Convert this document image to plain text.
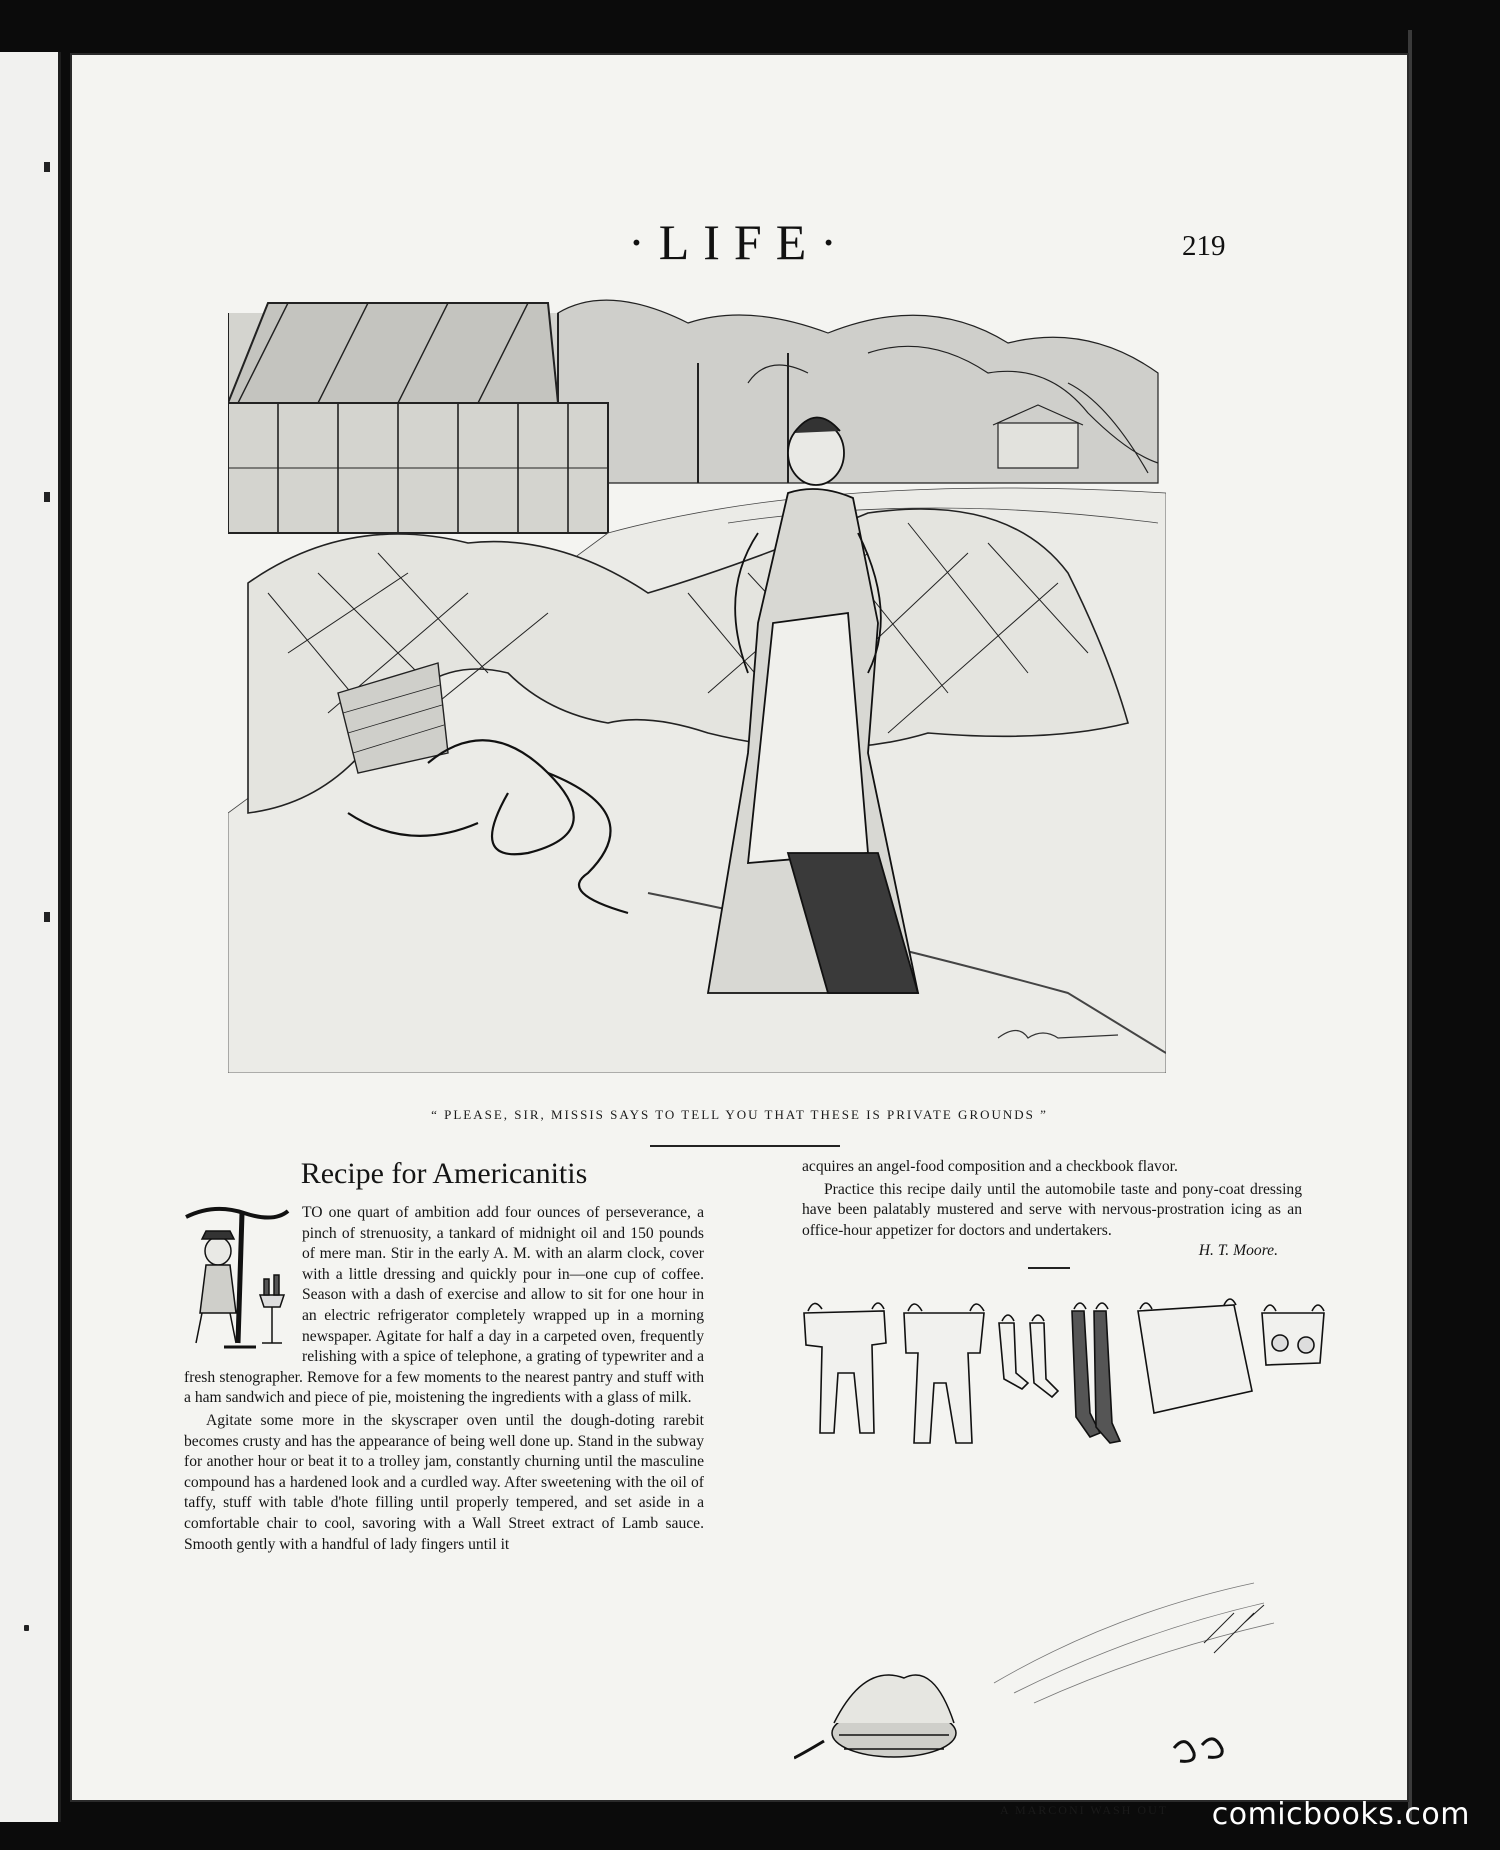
·LIFE·	219
“ PLEASE, SIR, MISSIS SAYS TO TELL YOU THAT THESE IS PRIVATE GROUNDS ”
Recipe for Americanitis

TO one quart of ambition add four ounces of perseverance, a pinch of strenuosity, a tankard of midnight oil and 150 pounds of mere man. Stir in the early A. M. with an alarm clock, cover with a little dressing and quickly pour in—one cup of coffee. Season with a dash of exercise and allow to sit for one hour in an electric refrigerator completely wrapped up in a morning newspaper. Agitate for half a day in a carpeted oven, frequently relishing with a spice of telephone, a grating of typewriter and a fresh stenographer. Remove for a few moments to the nearest pantry and stuff with a ham sandwich and piece of pie, moistening the ingredients with a glass of milk.

Agitate some more in the skyscraper oven until the dough-doting rarebit becomes crusty and has the appearance of being well done up. Stand in the subway for another hour or beat it to a trolley jam, constantly churning until the masculine compound has a hardened look and a curdled way. After sweetening with the oil of taffy, stuff with table d'hote filling until properly tempered, and set aside in a comfortable chair to cool, savoring with a Wall Street extract of Lamb sauce. Smooth gently with a handful of lady fingers until it

acquires an angel-food composition and a checkbook flavor.

Practice this recipe daily until the automobile taste and pony-coat dressing have been palatably mustered and serve with nervous-prostration icing as an office-hour appetizer for doctors and undertakers.

H. T. Moore.
A MARCONI WASH OUT	comicbooks.com
